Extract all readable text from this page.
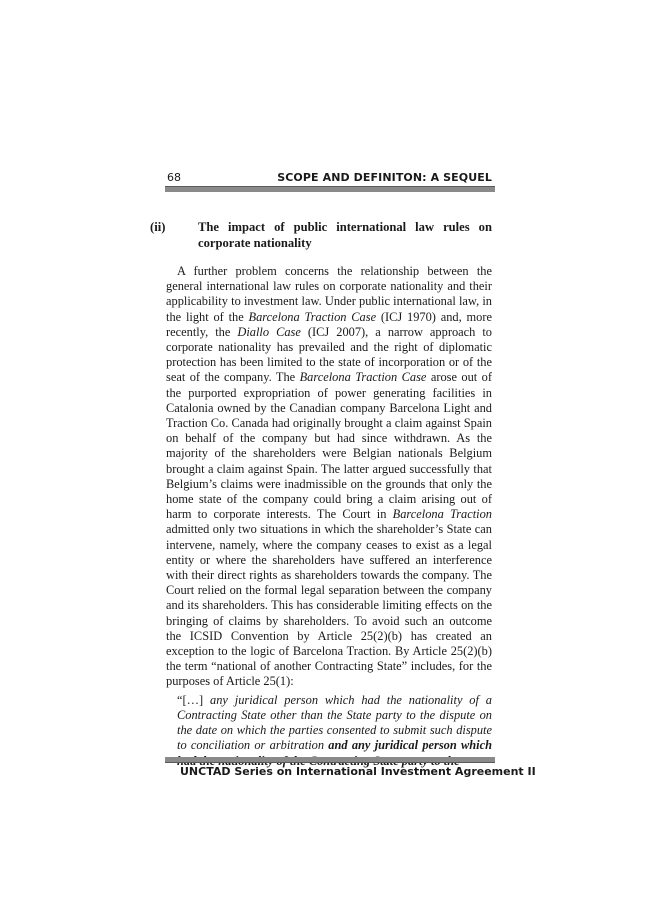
68	SCOPE AND DEFINITON: A SEQUEL
(ii)	The impact of public international law rules on corporate nationality

A further problem concerns the relationship between the general international law rules on corporate nationality and their applicability to investment law. Under public international law, in the light of the Barcelona Traction Case (ICJ 1970) and, more recently, the Diallo Case (ICJ 2007), a narrow approach to corporate nationality has prevailed and the right of diplomatic protection has been limited to the state of incorporation or of the seat of the company. The Barcelona Traction Case arose out of the purported expropriation of power generating facilities in Catalonia owned by the Canadian company Barcelona Light and Traction Co. Canada had originally brought a claim against Spain on behalf of the company but had since withdrawn. As the majority of the shareholders were Belgian nationals Belgium brought a claim against Spain. The latter argued successfully that Belgium’s claims were inadmissible on the grounds that only the home state of the company could bring a claim arising out of harm to corporate interests. The Court in Barcelona Traction admitted only two situations in which the shareholder’s State can intervene, namely, where the company ceases to exist as a legal entity or where the shareholders have suffered an interference with their direct rights as shareholders towards the company. The Court relied on the formal legal separation between the company and its shareholders. This has considerable limiting effects on the bringing of claims by shareholders. To avoid such an outcome the ICSID Convention by Article 25(2)(b) has created an exception to the logic of Barcelona Traction. By Article 25(2)(b) the term “national of another Contracting State” includes, for the purposes of Article 25(1):

“[…] any juridical person which had the nationality of a Contracting State other than the State party to the dispute on the date on which the parties consented to submit such dispute to conciliation or arbitration and any juridical person which
UNCTAD Series on International Investment Agreement II
